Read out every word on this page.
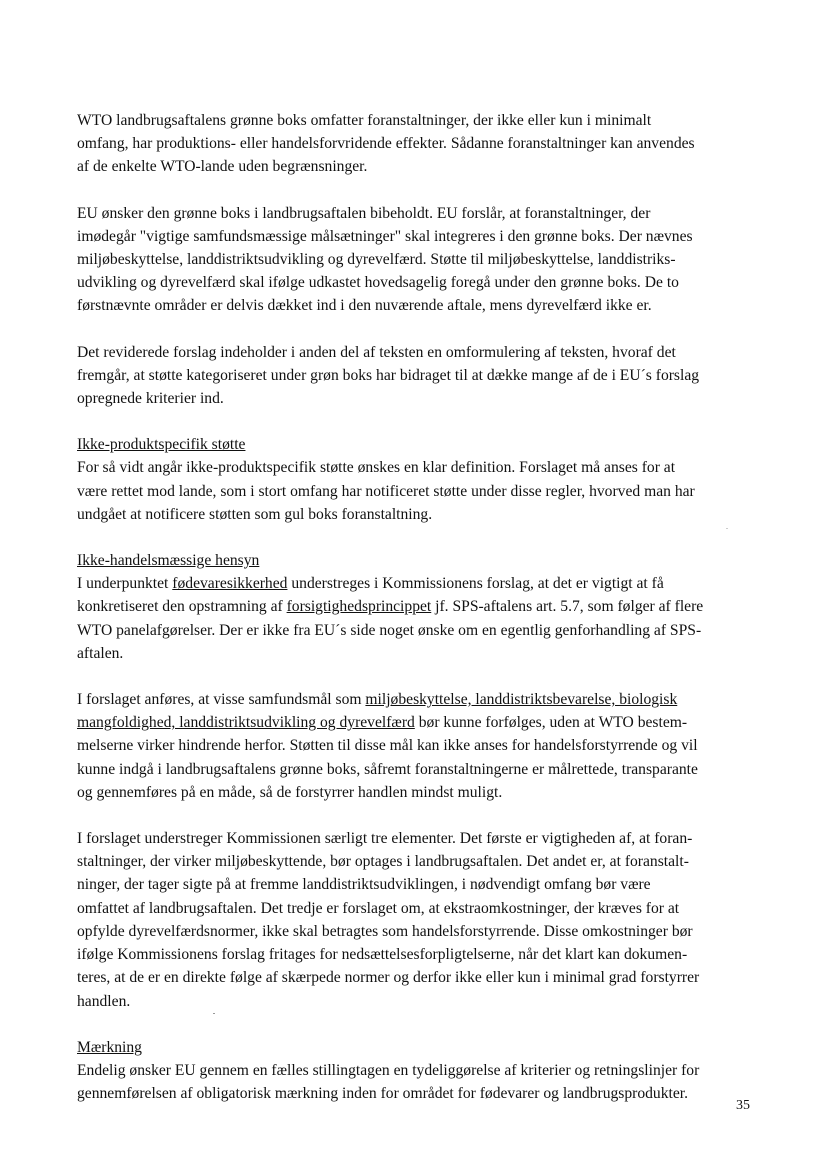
WTO landbrugsaftalens grønne boks omfatter foranstaltninger, der ikke eller kun i minimalt
omfang, har produktions- eller handelsforvridende effekter. Sådanne foranstaltninger kan anvendes
af de enkelte WTO-lande uden begrænsninger.

EU ønsker den grønne boks i landbrugsaftalen bibeholdt. EU forslår, at foranstaltninger, der
imødegår "vigtige samfundsmæssige målsætninger" skal integreres i den grønne boks. Der nævnes
miljøbeskyttelse, landdistriktsudvikling og dyrevelfærd. Støtte til miljøbeskyttelse, landdistriks-
udvikling og dyrevelfærd skal ifølge udkastet hovedsagelig foregå under den grønne boks. De to
førstnævnte områder er delvis dækket ind i den nuværende aftale, mens dyrevelfærd ikke er.

Det reviderede forslag indeholder i anden del af teksten en omformulering af teksten, hvoraf det
fremgår, at støtte kategoriseret under grøn boks har bidraget til at dække mange af de i EU´s forslag
opregnede kriterier ind.

Ikke-produktspecifik støtte
For så vidt angår ikke-produktspecifik støtte ønskes en klar definition. Forslaget må anses for at
være rettet mod lande, som i stort omfang har notificeret støtte under disse regler, hvorved man har
undgået at notificere støtten som gul boks foranstaltning.
Ikke-handelsmæssige hensyn
I underpunktet fødevaresikkerhed understreges i Kommissionens forslag, at det er vigtigt at få
konkretiseret den opstramning af forsigtighedsprincippet jf. SPS-aftalens art. 5.7, som følger af flere
WTO panelafgørelser. Der er ikke fra EU´s side noget ønske om en egentlig genforhandling af SPS-
aftalen.

I forslaget anføres, at visse samfundsmål som miljøbeskyttelse, landdistriktsbevarelse, biologisk
mangfoldighed, landdistriktsudvikling og dyrevelfærd bør kunne forfølges, uden at WTO bestem-
melserne virker hindrende herfor. Støtten til disse mål kan ikke anses for handelsforstyrrende og vil
kunne indgå i landbrugsaftalens grønne boks, såfremt foranstaltningerne er målrettede, transparante
og gennemføres på en måde, så de forstyrrer handlen mindst muligt.

I forslaget understreger Kommissionen særligt tre elementer. Det første er vigtigheden af, at foran-
staltninger, der virker miljøbeskyttende, bør optages i landbrugsaftalen. Det andet er, at foranstalt-
ninger, der tager sigte på at fremme landdistriktsudviklingen, i nødvendigt omfang bør være
omfattet af landbrugsaftalen. Det tredje er forslaget om, at ekstraomkostninger, der kræves for at
opfylde dyrevelfærdsnormer, ikke skal betragtes som handelsforstyrrende. Disse omkostninger bør
ifølge Kommissionens forslag fritages for nedsættelsesforpligtelserne, når det klart kan dokumen-
teres, at de er en direkte følge af skærpede normer og derfor ikke eller kun i minimal grad forstyrrer
handlen.

Mærkning
Endelig ønsker EU gennem en fælles stillingtagen en tydeliggørelse af kriterier og retningslinjer for
gennemførelsen af obligatorisk mærkning inden for området for fødevarer og landbrugsprodukter.
35
